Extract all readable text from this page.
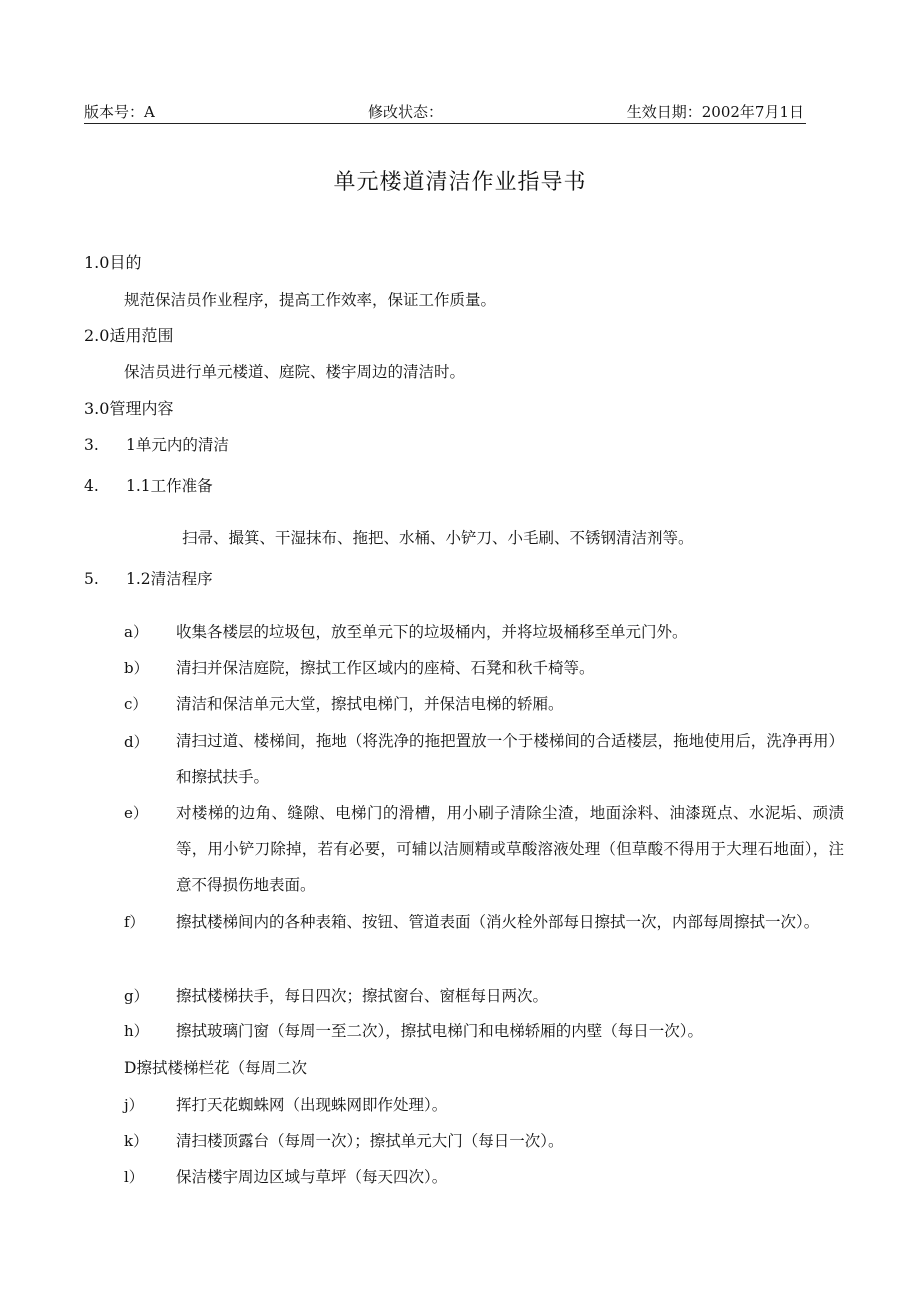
版本号：A	修改状态：	生效日期：2002年7月1日
单元楼道清洁作业指导书
1.0目的
规范保洁员作业程序，提高工作效率，保证工作质量。
2.0适用范围
保洁员进行单元楼道、庭院、楼宇周边的清洁时。
3.0管理内容
3. 1单元内的清洁
4. 1.1工作准备
扫帚、撮箕、干湿抹布、拖把、水桶、小铲刀、小毛刷、不锈钢清洁剂等。
5. 1.2清洁程序
a） 收集各楼层的垃圾包，放至单元下的垃圾桶内，并将垃圾桶移至单元门外。
b） 清扫并保洁庭院，擦拭工作区域内的座椅、石凳和秋千椅等。
c） 清洁和保洁单元大堂，擦拭电梯门，并保洁电梯的轿厢。
d） 清扫过道、楼梯间，拖地（将洗净的拖把置放一个于楼梯间的合适楼层，拖地使用后，洗净再用）和擦拭扶手。
e） 对楼梯的边角、缝隙、电梯门的滑槽，用小刷子清除尘渣，地面涂料、油漆斑点、水泥垢、顽渍等，用小铲刀除掉，若有必要，可辅以洁厕精或草酸溶液处理（但草酸不得用于大理石地面），注意不得损伤地表面。
f） 擦拭楼梯间内的各种表箱、按钮、管道表面（消火栓外部每日擦拭一次，内部每周擦拭一次）。
g） 擦拭楼梯扶手，每日四次；擦拭窗台、窗框每日两次。
h） 擦拭玻璃门窗（每周一至二次），擦拭电梯门和电梯轿厢的内壁（每日一次）。
D擦拭楼梯栏花（每周二次
j） 挥打天花蜘蛛网（出现蛛网即作处理）。
k） 清扫楼顶露台（每周一次）；擦拭单元大门（每日一次）。
l） 保洁楼宇周边区域与草坪（每天四次）。
